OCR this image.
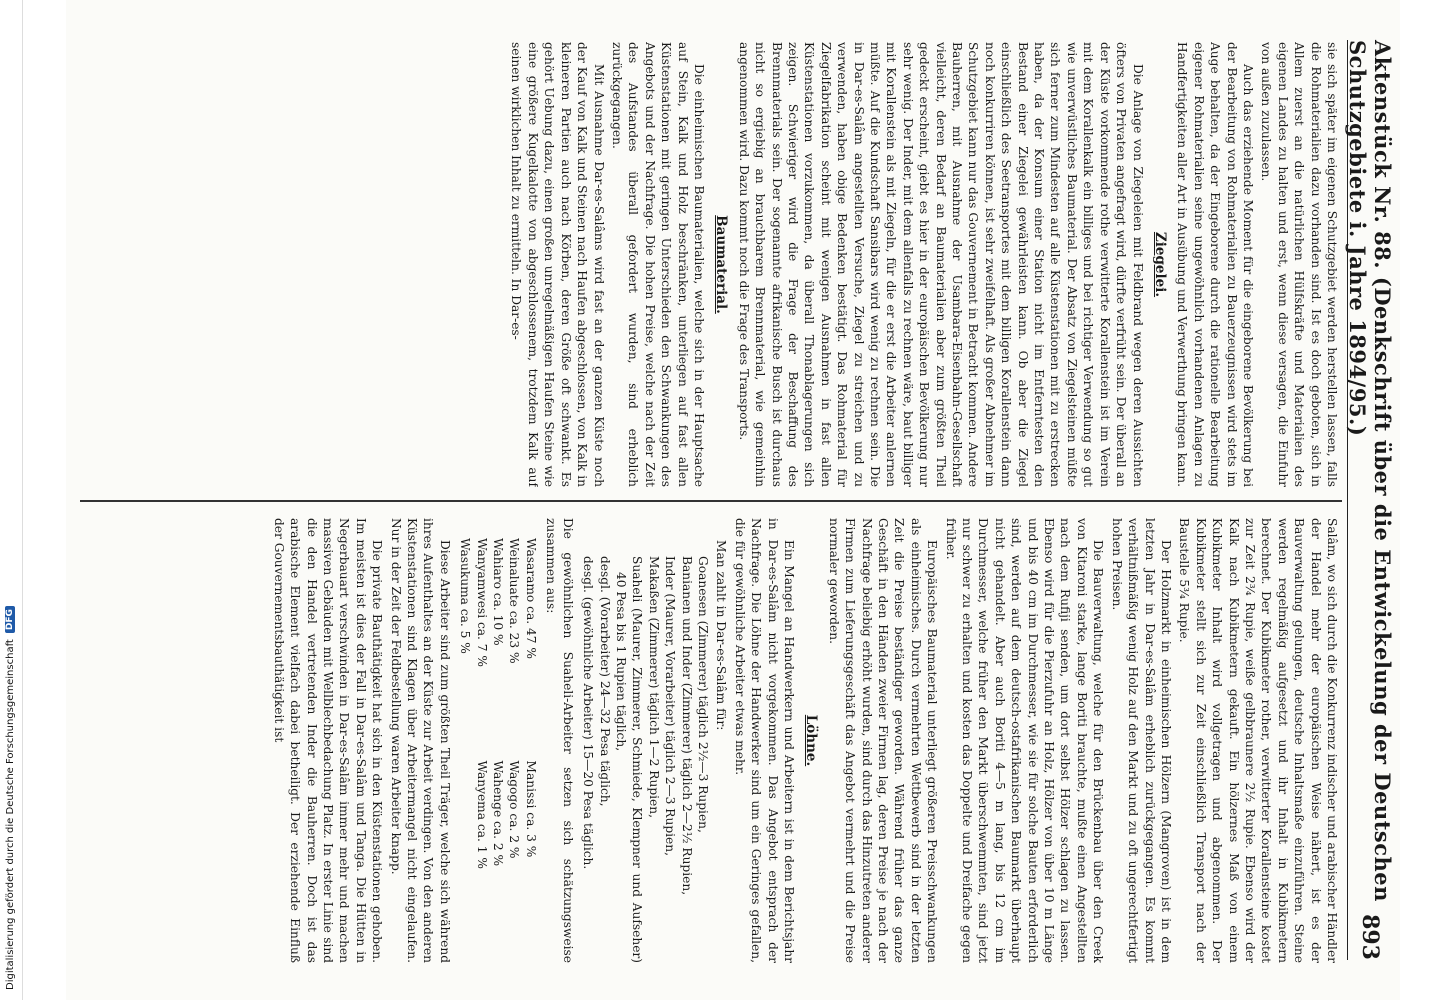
Aktenstück Nr. 88. (Denkschrift über die Entwickelung der Deutschen Schutzgebiete i. Jahre 1894/95.)
893

sie sich später im eigenen Schutzgebiet werden herstellen lassen, falls die Rohmaterialien dazu vorhanden sind. Ist es doch geboten, sich in Allem zuerst an die natürlichen Hülfskräfte und Materialien des eigenen Landes zu halten und erst, wenn diese versagen, die Einfuhr von außen zuzulassen.

Auch das erziehende Moment für die eingeborene Bevölkerung bei der Bearbeitung von Rohmaterialien zu Bauerzeugnissen wird stets im Auge behalten, da der Eingeborene durch die rationelle Bearbeitung eigener Rohmaterialien seine ungewöhnlich vorhandenen Anlagen zu Handfertigkeiten aller Art in Ausübung und Verwerthung bringen kann.

Ziegelei.

Die Anlage von Ziegeleien mit Feldbrand wegen deren Aussichten öfters von Privaten angefragt wird, dürfte verfrüht sein. Der überall an der Küste vorkommende rothe verwitterte Korallenstein ist im Verein mit dem Korallenkalk ein billiges und bei richtiger Verwendung so gut wie unverwüstliches Baumaterial. Der Absatz von Ziegelsteinen müßte sich ferner zum Mindesten auf alle Küstenstationen mit zu erstrecken haben, da der Konsum einer Station nicht im Entferntesten den Bestand einer Ziegelei gewährleisten kann. Ob aber die Ziegel einschließlich des Seetransportes mit dem billigen Korallenstein dann noch konkurriren können, ist sehr zweifelhaft. Als großer Abnehmer im Schutzgebiet kann nur das Gouvernement in Betracht kommen. Andere Bauherren, mit Ausnahme der Usambara-Eisenbahn-Gesellschaft vielleicht, deren Bedarf an Baumaterialien aber zum größten Theil gedeckt erscheint, giebt es hier in der europäischen Bevölkerung nur sehr wenig. Der Inder, mit dem allenfalls zu rechnen wäre, baut billiger mit Korallenstein als mit Ziegeln, für die er erst die Arbeiter anlernen müßte. Auf die Kundschaft Sansibars wird wenig zu rechnen sein. Die in Dar-es-Salâm angestellten Versuche, Ziegel zu streichen und zu verwenden, haben obige Bedenken bestätigt. Das Rohmaterial für Ziegelfabrikation scheint mit wenigen Ausnahmen in fast allen Küstenstationen vorzukommen, da überall Thonablagerungen sich zeigen. Schwieriger wird die Frage der Beschaffung des Brennmaterials sein. Der sogenannte afrikanische Busch ist durchaus nicht so ergiebig an brauchbarem Brennmaterial, wie gemeinhin angenommen wird. Dazu kommt noch die Frage des Transports.

Baumaterial.

Die einheimischen Baumaterialien, welche sich in der Hauptsache auf Stein, Kalk und Holz beschränken, unterliegen auf fast allen Küstenstationen mit geringen Unterschieden den Schwankungen des Angebots und der Nachfrage. Die hohen Preise, welche nach der Zeit des Aufstandes überall gefordert wurden, sind erheblich zurückgegangen.

Mit Ausnahme Dar-es-Salâms wird fast an der ganzen Küste noch der Kauf von Kalk und Steinen nach Haufen abgeschlossen, von Kalk in kleineren Partien auch nach Körben, deren Größe oft schwankt. Es gehört Uebung dazu, einen großen unregelmäßigen Haufen Steine wie eine größere Kugelkalotte von abgeschlossenem, trotzdem Kalk auf seinen wirklichen Inhalt zu ermitteln. In Dar-es-

Salâm, wo sich durch die Konkurrenz indischer und arabischer Händler der Handel mehr der europäischen Weise nähert, ist es der Bauverwaltung gelungen, deutsche Inhaltsmaße einzuführen. Steine werden regelmäßig aufgesetzt und ihr Inhalt in Kubikmetern berechnet. Der Kubikmeter rother, verwitterter Korallensteine kostet zur Zeit 2¾ Rupie, weiße gelbbraunere 2½ Rupie. Ebenso wird der Kalk nach Kubikmetern gekauft. Ein hölzernes Maß von einem Kubikmeter Inhalt wird vollgetragen und abgenommen. Der Kubikmeter stellt sich zur Zeit einschließlich Transport nach der Baustelle 5¾ Rupie.

Der Holzmarkt in einheimischen Hölzern (Mangroven) ist in dem letzten Jahr in Dar-es-Salâm erheblich zurückgegangen. Es kommt verhältnißmäßig wenig Holz auf den Markt und zu oft ungerechtfertigt hohen Preisen.

Die Bauverwaltung, welche für den Brückenbau über den Creek von Kitaroni starke, lange Boriti brauchte, mußte einen Angestellten nach dem Rufiji senden, um dort selbst Hölzer schlagen zu lassen. Ebenso wird für die Pierzufuhr an Holz, Hölzer von über 10 m Länge und bis 40 cm im Durchmesser, wie sie für solche Bauten erforderlich sind, werden auf dem deutsch-ostafrikanischen Baumarkt überhaupt nicht gehandelt. Aber auch Boriti 4—5 m lang, bis 12 cm im Durchmesser, welche früher den Markt überschwemmten, sind jetzt nur schwer zu erhalten und kosten das Doppelte und Dreifache gegen früher.

Europäisches Baumaterial unterliegt größeren Preisschwankungen als einheimisches. Durch vermehrten Wettbewerb sind in der letzten Zeit die Preise beständiger geworden. Während früher das ganze Geschäft in den Händen zweier Firmen lag, deren Preise je nach der Nachfrage beliebig erhöht wurden, sind durch das Hinzutreten anderer Firmen zum Lieferungsgeschäft das Angebot vermehrt und die Preise normaler geworden.

Löhne.

Ein Mangel an Handwerkern und Arbeitern ist in dem Berichtsjahr in Dar-es-Salâm nicht vorgekommen. Das Angebot entsprach der Nachfrage. Die Löhne der Handwerker sind um ein Geringes gefallen, die für gewöhnliche Arbeiter etwas mehr.

Man zahlt in Dar-es-Salâm für:

Goanesen (Zimmerer) täglich 2½—3 Rupien,
Banianen und Inder (Zimmerer) täglich 2—2½ Rupien,
Inder (Maurer, Vorarbeiter) täglich 2—3 Rupien,
Makaßen (Zimmerer) täglich 1—2 Rupien,
Suaheli (Maurer, Zimmerer, Schmiede, Klempner und Aufseher) 40 Pesa bis 1 Rupien täglich,
desgl. (Vorarbeiter) 24—32 Pesa täglich,
desgl. (gewöhnliche Arbeiter) 15—20 Pesa täglich.

Die gewöhnlichen Suaheli-Arbeiter setzen sich schätzungsweise zusammen aus:

Wasaramo ca. 47 %
Manissi ca. 3 %
Weinaluate ca. 23 %
Wagogo ca. 2 %
Wahiaro ca. 10 %
Wahenge ca. 2 %
Wanyamwesi ca. 7 %
Wanyema ca. 1 %
Wasukuma ca. 5 %

Diese Arbeiter sind zum größten Theil Träger, welche sich während ihres Aufenthaltes an der Küste zur Arbeit verdingen. Von den anderen Küstenstationen sind Klagen über Arbeitermangel nicht eingelaufen. Nur in der Zeit der Feldbestellung waren Arbeiter knapp.

Die private Bauthätigkeit hat sich in den Küstenstationen gehoben. Im meisten ist dies der Fall in Dar-es-Salâm und Tanga. Die Hütten in Negerbauart verschwinden in Dar-es-Salâm immer mehr und machen massiven Gebäuden mit Wellblechbedachung Platz. In erster Linie sind die den Handel vertretenden Inder die Bauherren. Doch ist das arabische Element vielfach dabei betheiligt. Der erziehende Einfluß der Gouvernementsbauthätigkeit ist

Digitalisierung gefördert durch die Deutsche Forschungsgemeinschaft
DFG
